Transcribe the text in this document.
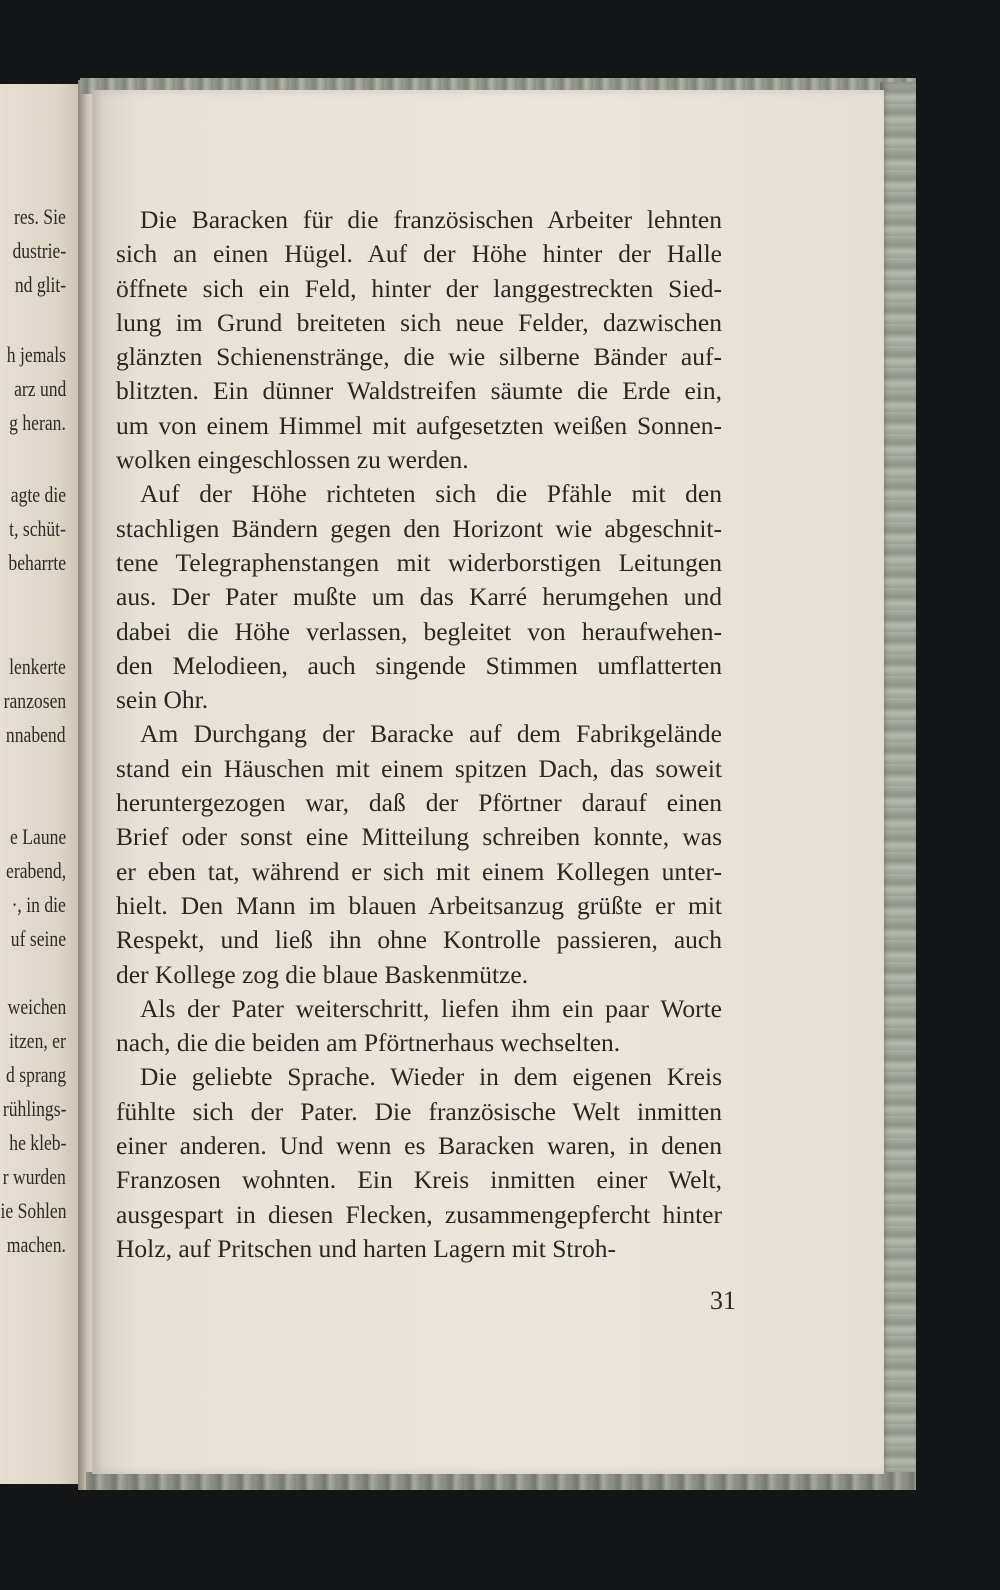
res. Sie
dustrie-
nd glit-
h jemals
arz und
g heran.
agte die
t, schüt-
beharrte
lenkerte
ranzosen
nnabend
e Laune
erabend,
·, in die
uf seine
weichen
itzen, er
d sprang
rühlings-
he kleb-
r wurden
ie Sohlen
machen.
Die Baracken für die französischen Arbeiter lehnten
sich an einen Hügel. Auf der Höhe hinter der Halle
öffnete sich ein Feld, hinter der langgestreckten Sied-
lung im Grund breiteten sich neue Felder, dazwischen
glänzten Schienenstränge, die wie silberne Bänder auf-
blitzten. Ein dünner Waldstreifen säumte die Erde ein,
um von einem Himmel mit aufgesetzten weißen Sonnen-
wolken eingeschlossen zu werden.
Auf der Höhe richteten sich die Pfähle mit den
stachligen Bändern gegen den Horizont wie abgeschnit-
tene Telegraphenstangen mit widerborstigen Leitungen
aus. Der Pater mußte um das Karré herumgehen und
dabei die Höhe verlassen, begleitet von heraufwehen-
den Melodieen, auch singende Stimmen umflatterten
sein Ohr.
Am Durchgang der Baracke auf dem Fabrikgelände
stand ein Häuschen mit einem spitzen Dach, das soweit
heruntergezogen war, daß der Pförtner darauf einen
Brief oder sonst eine Mitteilung schreiben konnte, was
er eben tat, während er sich mit einem Kollegen unter-
hielt. Den Mann im blauen Arbeitsanzug grüßte er mit
Respekt, und ließ ihn ohne Kontrolle passieren, auch
der Kollege zog die blaue Baskenmütze.
Als der Pater weiterschritt, liefen ihm ein paar Worte
nach, die die beiden am Pförtnerhaus wechselten.
Die geliebte Sprache. Wieder in dem eigenen Kreis
fühlte sich der Pater. Die französische Welt inmitten
einer anderen. Und wenn es Baracken waren, in denen
Franzosen wohnten. Ein Kreis inmitten einer Welt,
ausgespart in diesen Flecken, zusammengepfercht hinter
Holz, auf Pritschen und harten Lagern mit Stroh-
31
